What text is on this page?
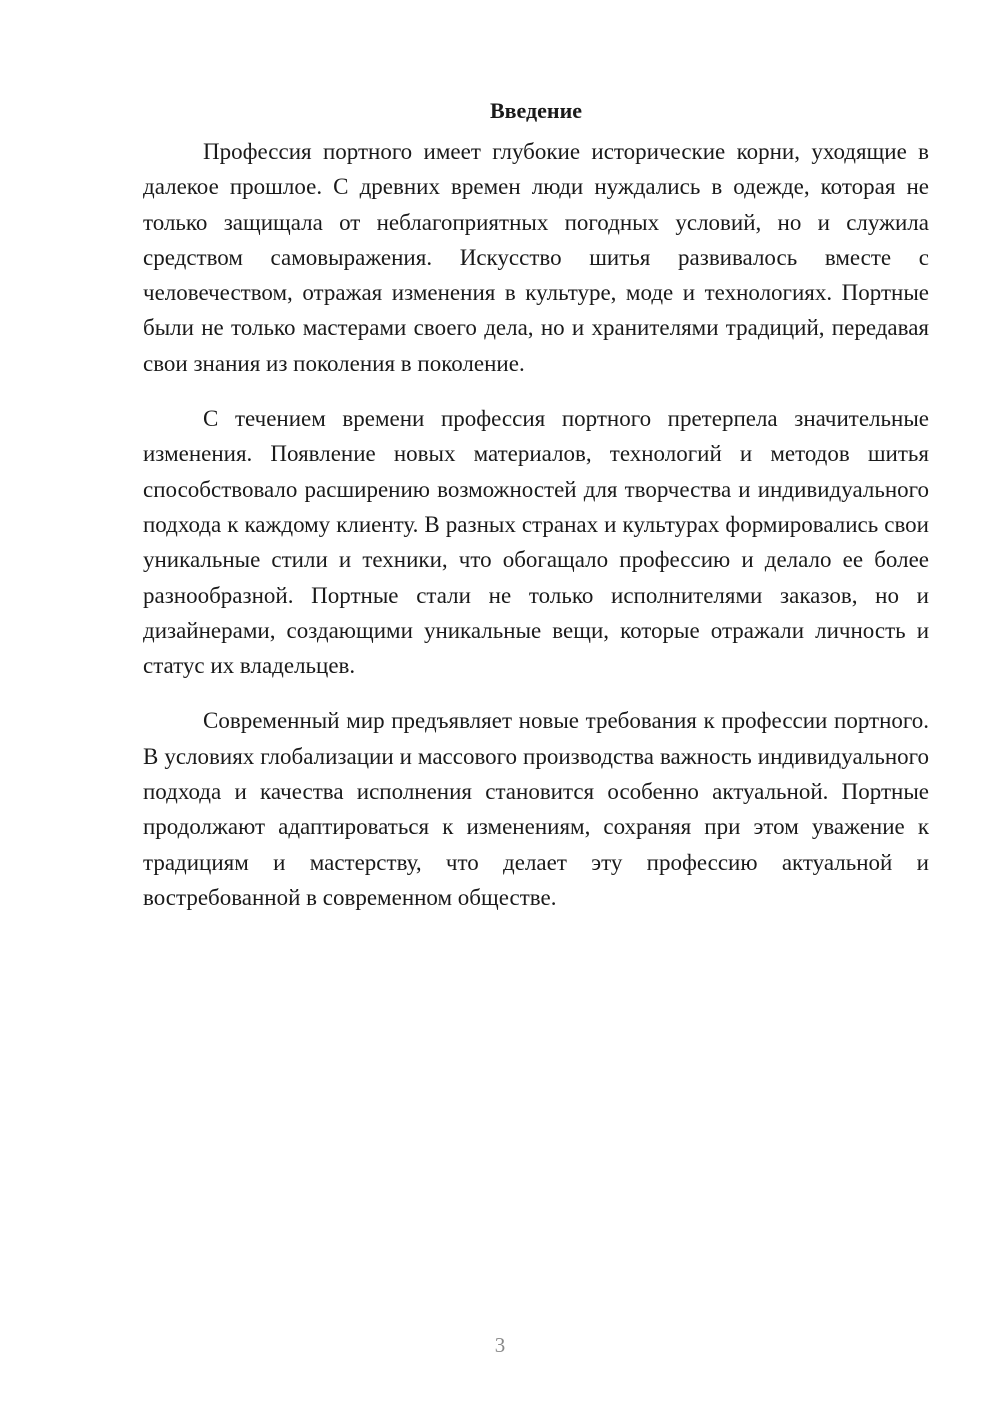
Введение

Профессия портного имеет глубокие исторические корни, уходящие в далекое прошлое. С древних времен люди нуждались в одежде, которая не только защищала от неблагоприятных погодных условий, но и служила средством самовыражения. Искусство шитья развивалось вместе с человечеством, отражая изменения в культуре, моде и технологиях. Портные были не только мастерами своего дела, но и хранителями традиций, передавая свои знания из поколения в поколение.

С течением времени профессия портного претерпела значительные изменения. Появление новых материалов, технологий и методов шитья способствовало расширению возможностей для творчества и индивидуального подхода к каждому клиенту. В разных странах и культурах формировались свои уникальные стили и техники, что обогащало профессию и делало ее более разнообразной. Портные стали не только исполнителями заказов, но и дизайнерами, создающими уникальные вещи, которые отражали личность и статус их владельцев.

Современный мир предъявляет новые требования к профессии портного. В условиях глобализации и массового производства важность индивидуального подхода и качества исполнения становится особенно актуальной. Портные продолжают адаптироваться к изменениям, сохраняя при этом уважение к традициям и мастерству, что делает эту профессию актуальной и востребованной в современном обществе.

3
